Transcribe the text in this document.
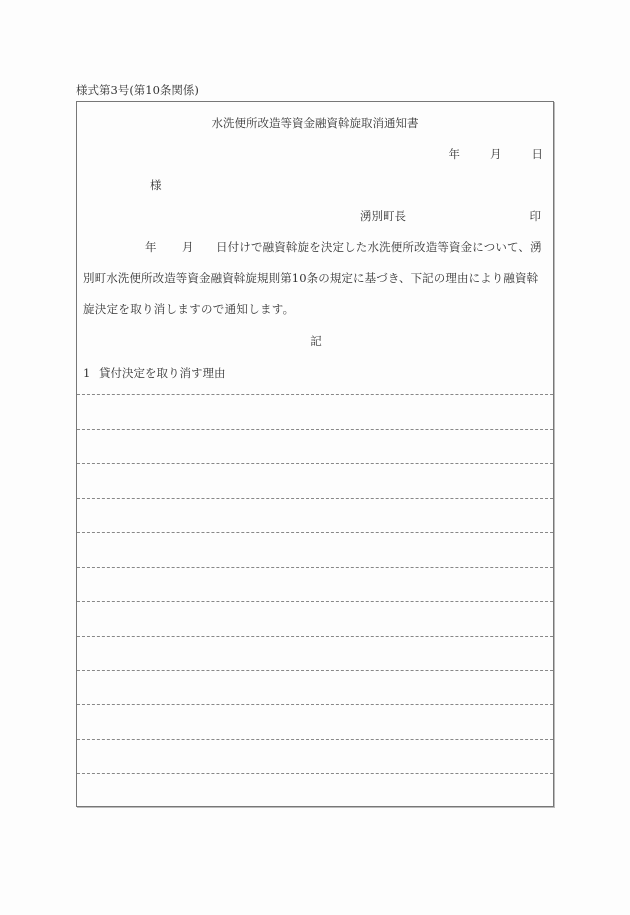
様式第3号(第10条関係)
水洗便所改造等資金融資斡旋取消通知書
年	月	日
様
湧別町長	印
年 月 日付けで融資斡旋を決定した水洗便所改造等資金について、湧
別町水洗便所改造等資金融資斡旋規則第10条の規定に基づき、下記の理由により融資斡
旋決定を取り消しますので通知します。
記
1 貸付決定を取り消す理由
